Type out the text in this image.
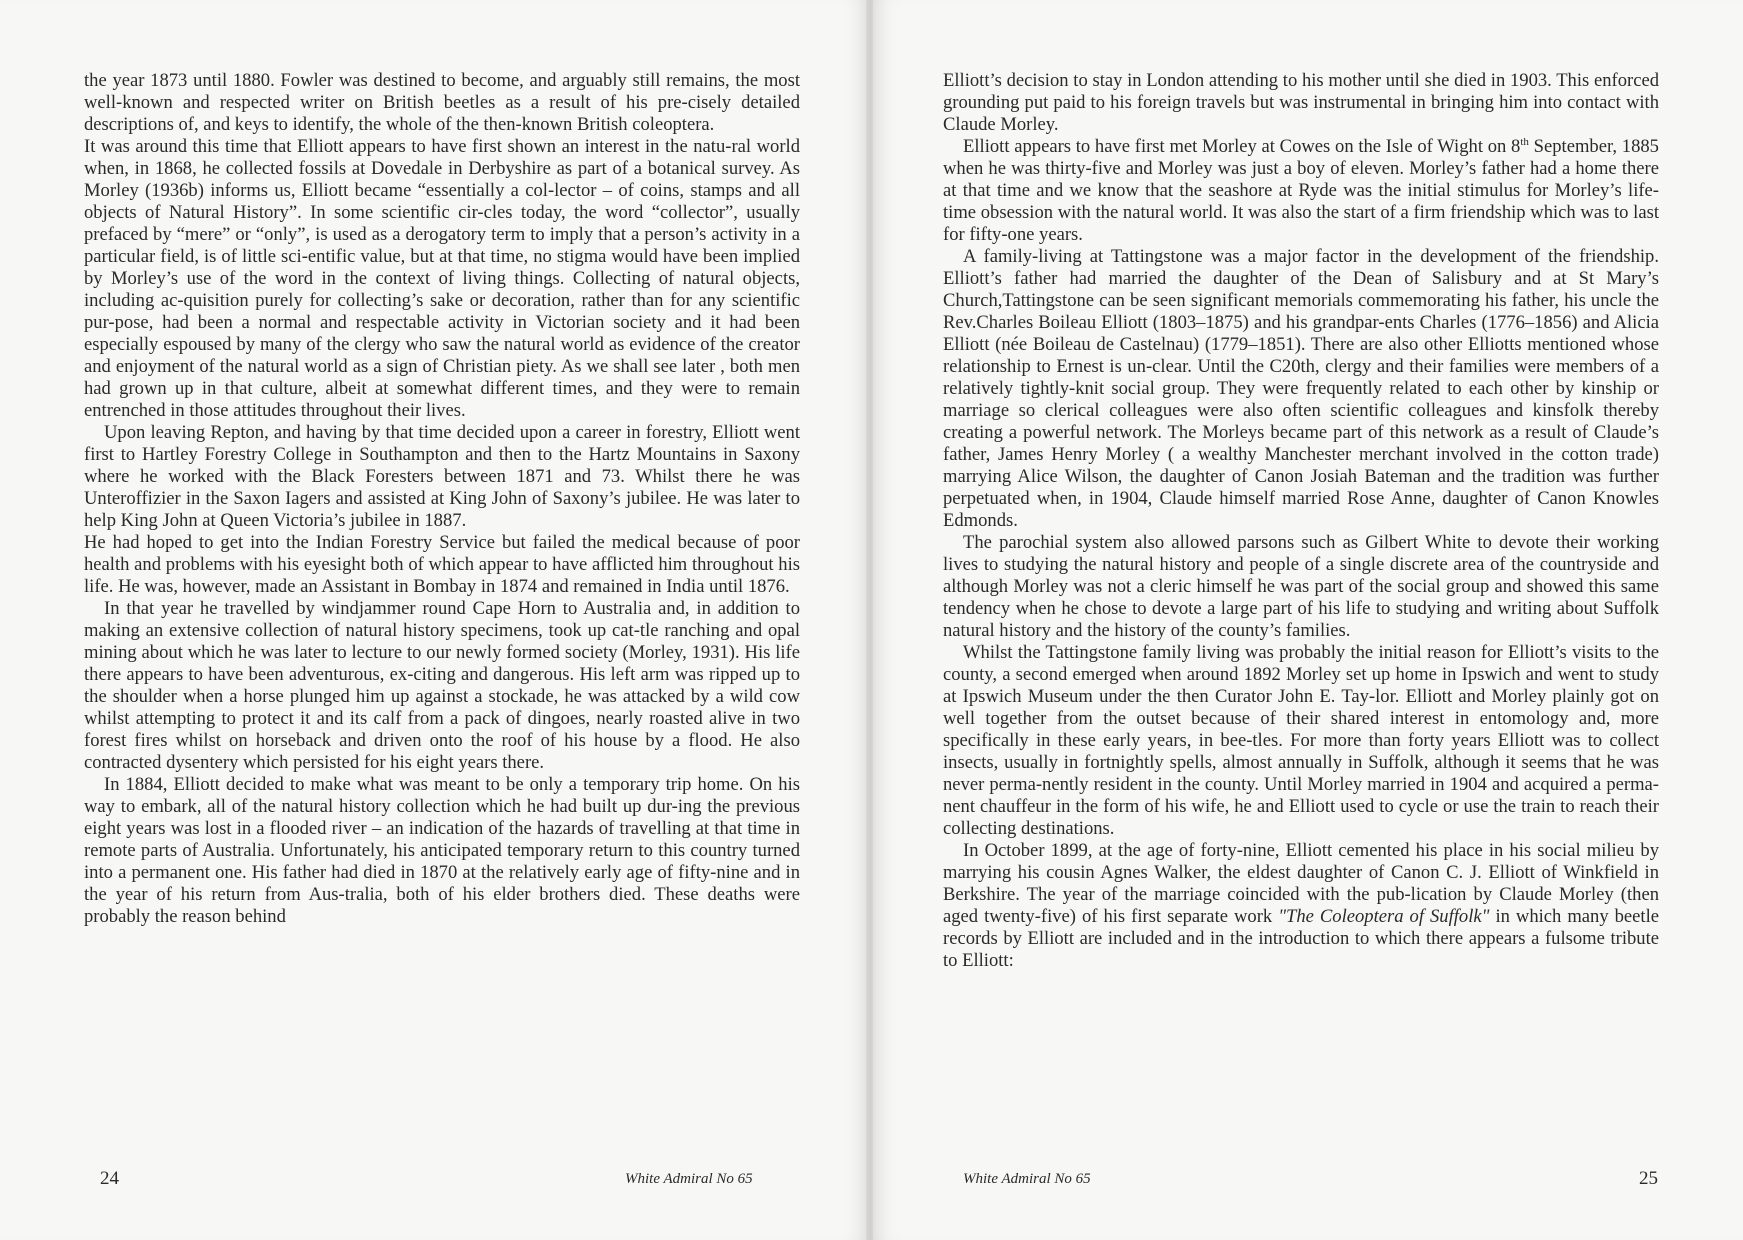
the year 1873 until 1880. Fowler was destined to become, and arguably still remains, the most well-known and respected writer on British beetles as a result of his pre-cisely detailed descriptions of, and keys to identify, the whole of the then-known British coleoptera.

It was around this time that Elliott appears to have first shown an interest in the natu-ral world when, in 1868, he collected fossils at Dovedale in Derbyshire as part of a botanical survey. As Morley (1936b) informs us, Elliott became “essentially a col-lector – of coins, stamps and all objects of Natural History”. In some scientific cir-cles today, the word “collector”, usually prefaced by “mere” or “only”, is used as a derogatory term to imply that a person’s activity in a particular field, is of little sci-entific value, but at that time, no stigma would have been implied by Morley’s use of the word in the context of living things. Collecting of natural objects, including ac-quisition purely for collecting’s sake or decoration, rather than for any scientific pur-pose, had been a normal and respectable activity in Victorian society and it had been especially espoused by many of the clergy who saw the natural world as evidence of the creator and enjoyment of the natural world as a sign of Christian piety. As we shall see later , both men had grown up in that culture, albeit at somewhat different times, and they were to remain entrenched in those attitudes throughout their lives.

Upon leaving Repton, and having by that time decided upon a career in forestry, Elliott went first to Hartley Forestry College in Southampton and then to the Hartz Mountains in Saxony where he worked with the Black Foresters between 1871 and 73. Whilst there he was Unteroffizier in the Saxon Iagers and assisted at King John of Saxony’s jubilee. He was later to help King John at Queen Victoria’s jubilee in 1887.

He had hoped to get into the Indian Forestry Service but failed the medical because of poor health and problems with his eyesight both of which appear to have afflicted him throughout his life. He was, however, made an Assistant in Bombay in 1874 and remained in India until 1876.

In that year he travelled by windjammer round Cape Horn to Australia and, in addition to making an extensive collection of natural history specimens, took up cat-tle ranching and opal mining about which he was later to lecture to our newly formed society (Morley, 1931). His life there appears to have been adventurous, ex-citing and dangerous. His left arm was ripped up to the shoulder when a horse plunged him up against a stockade, he was attacked by a wild cow whilst attempting to protect it and its calf from a pack of dingoes, nearly roasted alive in two forest fires whilst on horseback and driven onto the roof of his house by a flood. He also contracted dysentery which persisted for his eight years there.

In 1884, Elliott decided to make what was meant to be only a temporary trip home. On his way to embark, all of the natural history collection which he had built up dur-ing the previous eight years was lost in a flooded river – an indication of the hazards of travelling at that time in remote parts of Australia. Unfortunately, his anticipated temporary return to this country turned into a permanent one. His father had died in 1870 at the relatively early age of fifty-nine and in the year of his return from Aus-tralia, both of his elder brothers died. These deaths were probably the reason behind

24	White Admiral No 65

Elliott’s decision to stay in London attending to his mother until she died in 1903. This enforced grounding put paid to his foreign travels but was instrumental in bringing him into contact with Claude Morley.

Elliott appears to have first met Morley at Cowes on the Isle of Wight on 8th September, 1885 when he was thirty-five and Morley was just a boy of eleven. Morley’s father had a home there at that time and we know that the seashore at Ryde was the initial stimulus for Morley’s life-time obsession with the natural world. It was also the start of a firm friendship which was to last for fifty-one years.

A family-living at Tattingstone was a major factor in the development of the friendship. Elliott’s father had married the daughter of the Dean of Salisbury and at St Mary’s Church,Tattingstone can be seen significant memorials commemorating his father, his uncle the Rev.Charles Boileau Elliott (1803–1875) and his grandpar-ents Charles (1776–1856) and Alicia Elliott (née Boileau de Castelnau) (1779–1851). There are also other Elliotts mentioned whose relationship to Ernest is un-clear. Until the C20th, clergy and their families were members of a relatively tightly-knit social group. They were frequently related to each other by kinship or marriage so clerical colleagues were also often scientific colleagues and kinsfolk thereby creating a powerful network. The Morleys became part of this network as a result of Claude’s father, James Henry Morley ( a wealthy Manchester merchant involved in the cotton trade) marrying Alice Wilson, the daughter of Canon Josiah Bateman and the tradition was further perpetuated when, in 1904, Claude himself married Rose Anne, daughter of Canon Knowles Edmonds.

The parochial system also allowed parsons such as Gilbert White to devote their working lives to studying the natural history and people of a single discrete area of the countryside and although Morley was not a cleric himself he was part of the social group and showed this same tendency when he chose to devote a large part of his life to studying and writing about Suffolk natural history and the history of the county’s families.

Whilst the Tattingstone family living was probably the initial reason for Elliott’s visits to the county, a second emerged when around 1892 Morley set up home in Ipswich and went to study at Ipswich Museum under the then Curator John E. Tay-lor. Elliott and Morley plainly got on well together from the outset because of their shared interest in entomology and, more specifically in these early years, in bee-tles. For more than forty years Elliott was to collect insects, usually in fortnightly spells, almost annually in Suffolk, although it seems that he was never perma-nently resident in the county. Until Morley married in 1904 and acquired a perma-nent chauffeur in the form of his wife, he and Elliott used to cycle or use the train to reach their collecting destinations.

In October 1899, at the age of forty-nine, Elliott cemented his place in his social milieu by marrying his cousin Agnes Walker, the eldest daughter of Canon C. J. Elliott of Winkfield in Berkshire. The year of the marriage coincided with the pub-lication by Claude Morley (then aged twenty-five) of his first separate work "The Coleoptera of Suffolk" in which many beetle records by Elliott are included and in the introduction to which there appears a fulsome tribute to Elliott:

White Admiral No 65	25
